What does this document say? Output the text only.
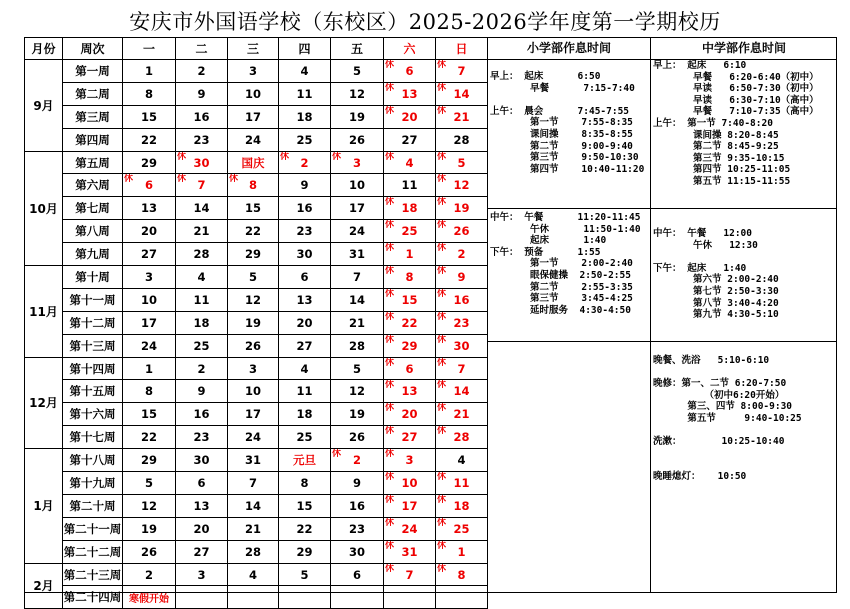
安庆市外国语学校（东校区）2025-2026学年度第一学期校历
月份	周次	一	二	三	四	五	六	日
9月	第一周	1	2	3	4	5	休 6	休 7
	第二周	8	9	10	11	12	休 13	休 14
	第三周	15	16	17	18	19	休 20	休 21
	第四周	22	23	24	25	26	27	28
10月	第五周	29	休 30	国庆	休 2	休 3	休 4	休 5
	第六周	休 6	休 7	休 8	9	10	11	休 12
	第七周	13	14	15	16	17	休 18	休 19
	第八周	20	21	22	23	24	休 25	休 26
	第九周	27	28	29	30	31	休 1	休 2
11月	第十周	3	4	5	6	7	休 8	休 9
	第十一周	10	11	12	13	14	休 15	休 16
	第十二周	17	18	19	20	21	休 22	休 23
	第十三周	24	25	26	27	28	休 29	休 30
12月	第十四周	1	2	3	4	5	休 6	休 7
	第十五周	8	9	10	11	12	休 13	休 14
	第十六周	15	16	17	18	19	休 20	休 21
	第十七周	22	23	24	25	26	休 27	休 28
1月	第十八周	29	30	31	元旦	休 2	休 3	4
	第十九周	5	6	7	8	9	休 10	休 11
	第二十周	12	13	14	15	16	休 17	休 18
	第二十一周	19	20	21	22	23	休 24	休 25
	第二十二周	26	27	28	29	30	休 31	休 1
2月	第二十三周	2	3	4	5	6	休 7	休 8
	第二十四周	寒假开始						
小学部作息时间	中学部作息时间
早上： 起床      6:50
早餐      7:15-7:40

上午： 晨会      7:45-7:55
第一节    7:55-8:35
课间操    8:35-8:55
第二节    9:00-9:40
第三节    9:50-10:30
第四节    10:40-11:20
中午： 午餐      11:20-11:45
午休      11:50-1:40
起床      1:40
下午： 预备      1:55
第一节    2:00-2:40
眼保健操  2:50-2:55
第二节    2:55-3:35
第三节    3:45-4:25
延时服务  4:30-4:50
早上： 起床   6:10
早餐   6:20-6:40（初中）
早读   6:50-7:30（初中）
早读   6:30-7:10（高中）
早餐   7:10-7:35（高中）
上午： 第一节 7:40-8:20
课间操 8:20-8:45
第二节 8:45-9:25
第三节 9:35-10:15
第四节 10:25-11:05
第五节 11:15-11:55
中午： 午餐   12:00
午休   12:30

下午： 起床   1:40
第六节 2:00-2:40
第七节 2:50-3:30
第八节 3:40-4:20
第九节 4:30-5:10
晚餐、洗浴   5:10-6:10

晚修：第一、二节 6:20-7:50
（初中6:20开始）
第三、四节 8:00-9:30
第五节     9:40-10:25

洗漱：       10:25-10:40

晚睡熄灯：   10:50
